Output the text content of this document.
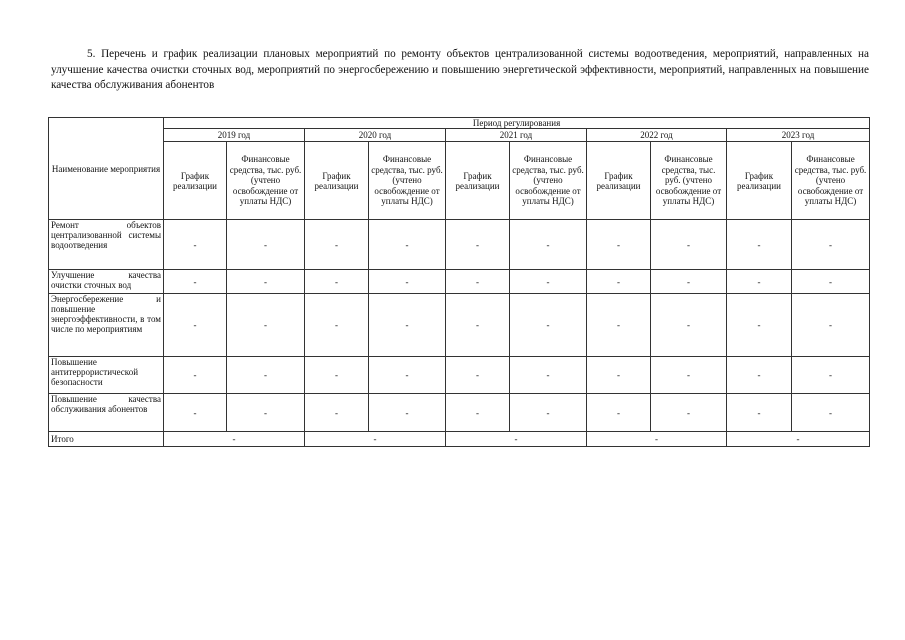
5. Перечень и график реализации плановых мероприятий по ремонту объектов централизованной системы водоотведения, мероприятий, направленных на улучшение качества очистки сточных вод, мероприятий по энергосбережению и повышению энергетической эффективности, мероприятий, направленных на повышение качества обслуживания абонентов
Наименование мероприятия	Период регулирования									
	2019 год		2020 год		2021 год		2022 год		2023 год	
	График реализации	Финансовые средства, тыс. руб. (учтено освобождение от уплаты НДС)	График реализации	Финансовые средства, тыс. руб. (учтено освобождение от уплаты НДС)	График реализации	Финансовые средства, тыс. руб. (учтено освобождение от уплаты НДС)	График реализации	Финансовые средства, тыс. руб. (учтено освобождение от уплаты НДС)	График реализации	Финансовые средства, тыс. руб. (учтено освобождение от уплаты НДС)
Ремонт объектов централизованной системы водоотведения	-	-	-	-	-	-	-	-	-	-
Улучшение качества очистки сточных вод	-	-	-	-	-	-	-	-	-	-
Энергосбережение и повышение энергоэффективности, в том числе по мероприятиям	-	-	-	-	-	-	-	-	-	-
Повышение антитеррористической безопасности	-	-	-	-	-	-	-	-	-	-
Повышение качества обслуживания абонентов	-	-	-	-	-	-	-	-	-	-
Итого	-		-		-		-		-	
